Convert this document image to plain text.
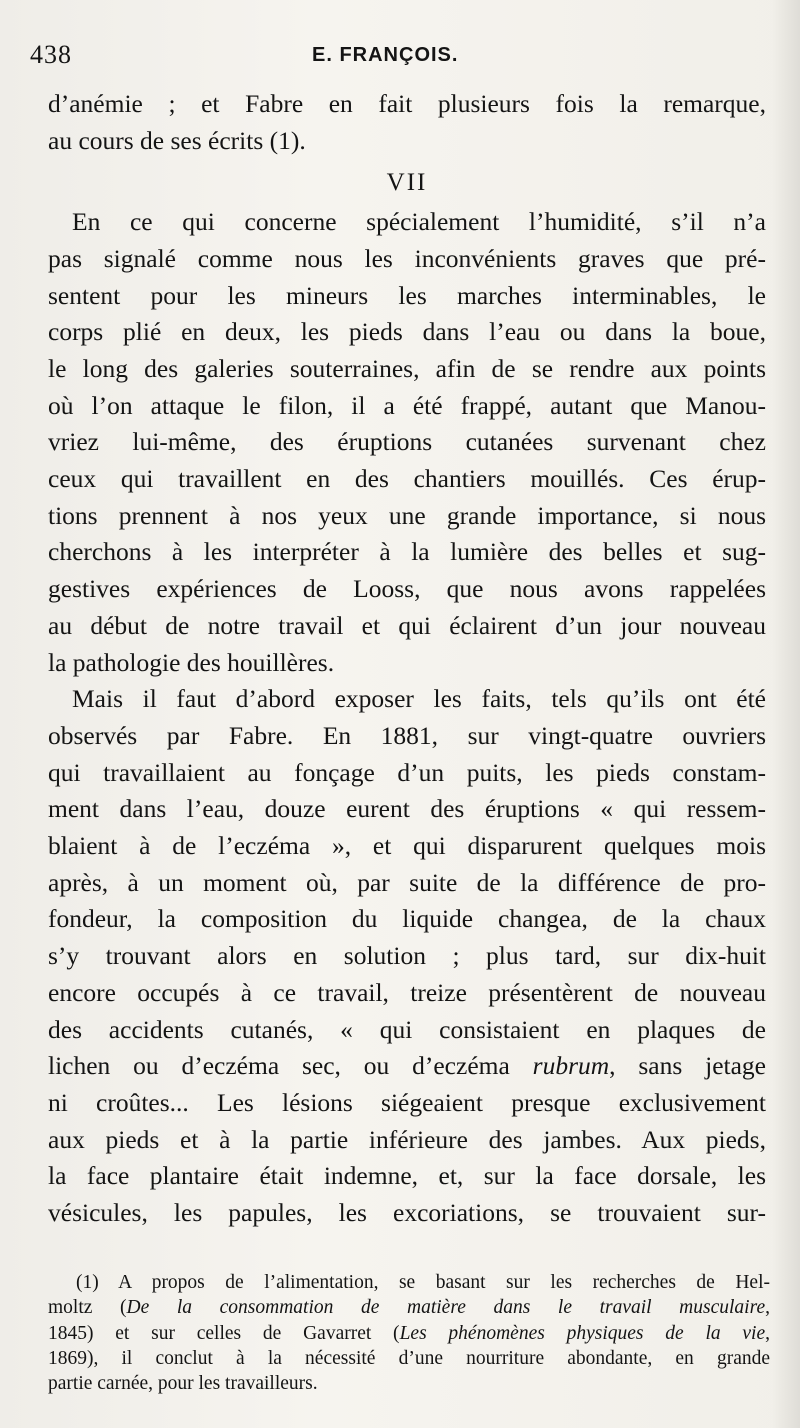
438	E. FRANÇOIS.
d’anémie ; et Fabre en fait plusieurs fois la remarque,
au cours de ses écrits (1).
VII
En ce qui concerne spécialement l’humidité, s’il n’a
pas signalé comme nous les inconvénients graves que pré-
sentent pour les mineurs les marches interminables, le
corps plié en deux, les pieds dans l’eau ou dans la boue,
le long des galeries souterraines, afin de se rendre aux points
où l’on attaque le filon, il a été frappé, autant que Manou-
vriez lui-même, des éruptions cutanées survenant chez
ceux qui travaillent en des chantiers mouillés. Ces érup-
tions prennent à nos yeux une grande importance, si nous
cherchons à les interpréter à la lumière des belles et sug-
gestives expériences de Looss, que nous avons rappelées
au début de notre travail et qui éclairent d’un jour nouveau
la pathologie des houillères.
Mais il faut d’abord exposer les faits, tels qu’ils ont été
observés par Fabre. En 1881, sur vingt-quatre ouvriers
qui travaillaient au fonçage d’un puits, les pieds constam-
ment dans l’eau, douze eurent des éruptions « qui ressem-
blaient à de l’eczéma », et qui disparurent quelques mois
après, à un moment où, par suite de la différence de pro-
fondeur, la composition du liquide changea, de la chaux
s’y trouvant alors en solution ; plus tard, sur dix-huit
encore occupés à ce travail, treize présentèrent de nouveau
des accidents cutanés, « qui consistaient en plaques de
lichen ou d’eczéma sec, ou d’eczéma rubrum, sans jetage
ni croûtes... Les lésions siégeaient presque exclusivement
aux pieds et à la partie inférieure des jambes. Aux pieds,
la face plantaire était indemne, et, sur la face dorsale, les
vésicules, les papules, les excoriations, se trouvaient sur-
(1) A propos de l’alimentation, se basant sur les recherches de Hel-
moltz (De la consommation de matière dans le travail musculaire,
1845) et sur celles de Gavarret (Les phénomènes physiques de la vie,
1869), il conclut à la nécessité d’une nourriture abondante, en grande
partie carnée, pour les travailleurs.
